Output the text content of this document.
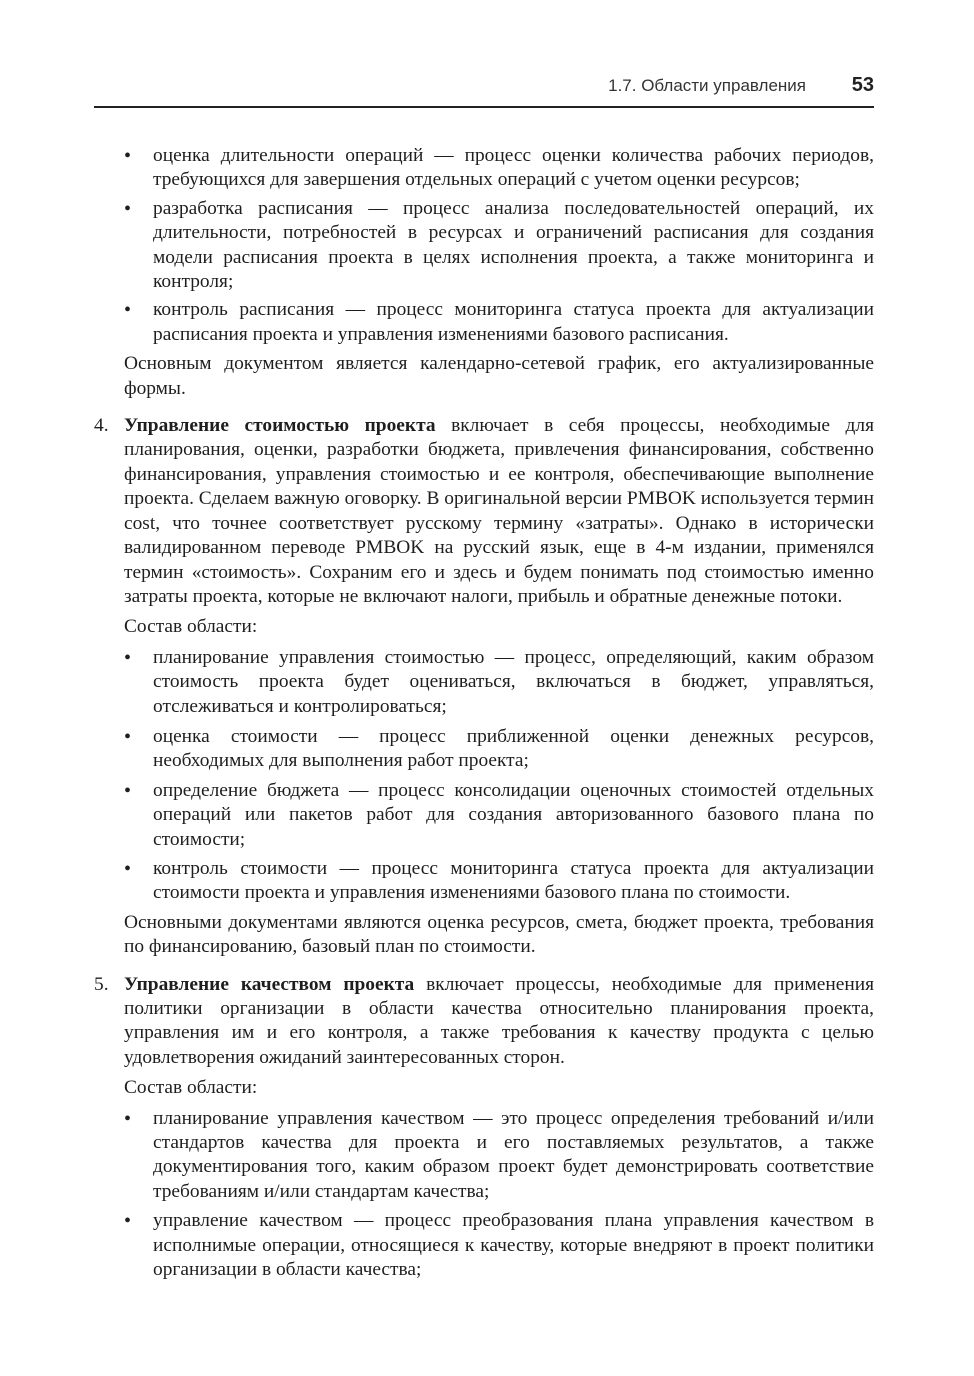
1.7. Области управления 53
• оценка длительности операций — процесс оценки количества рабочих периодов, требующихся для завершения отдельных операций с учетом оценки ресурсов;
• разработка расписания — процесс анализа последовательностей операций, их длительности, потребностей в ресурсах и ограничений расписания для создания модели расписания проекта в целях исполнения проекта, а также мониторинга и контроля;
• контроль расписания — процесс мониторинга статуса проекта для актуализации расписания проекта и управления изменениями базового расписания.

Основным документом является календарно-сетевой график, его актуализированные формы.

4. Управление стоимостью проекта включает в себя процессы, необходимые для планирования, оценки, разработки бюджета, привлечения финансирования, собственно финансирования, управления стоимостью и ее контроля, обеспечивающие выполнение проекта. Сделаем важную оговорку. В оригинальной версии PMBOK используется термин cost, что точнее соответствует русскому термину «затраты». Однако в исторически валидированном переводе PMBOK на русский язык, еще в 4-м издании, применялся термин «стоимость». Сохраним его и здесь и будем понимать под стоимостью именно затраты проекта, которые не включают налоги, прибыль и обратные денежные потоки.

Состав области:

• планирование управления стоимостью — процесс, определяющий, каким образом стоимость проекта будет оцениваться, включаться в бюджет, управляться, отслеживаться и контролироваться;
• оценка стоимости — процесс приближенной оценки денежных ресурсов, необходимых для выполнения работ проекта;
• определение бюджета — процесс консолидации оценочных стоимостей отдельных операций или пакетов работ для создания авторизованного базового плана по стоимости;
• контроль стоимости — процесс мониторинга статуса проекта для актуализации стоимости проекта и управления изменениями базового плана по стоимости.

Основными документами являются оценка ресурсов, смета, бюджет проекта, требования по финансированию, базовый план по стоимости.

5. Управление качеством проекта включает процессы, необходимые для применения политики организации в области качества относительно планирования проекта, управления им и его контроля, а также требования к качеству продукта с целью удовлетворения ожиданий заинтересованных сторон.

Состав области:

• планирование управления качеством — это процесс определения требований и/или стандартов качества для проекта и его поставляемых результатов, а также документирования того, каким образом проект будет демонстрировать соответствие требованиям и/или стандартам качества;
• управление качеством — процесс преобразования плана управления качеством в исполнимые операции, относящиеся к качеству, которые внедряют в проект политики организации в области качества;
